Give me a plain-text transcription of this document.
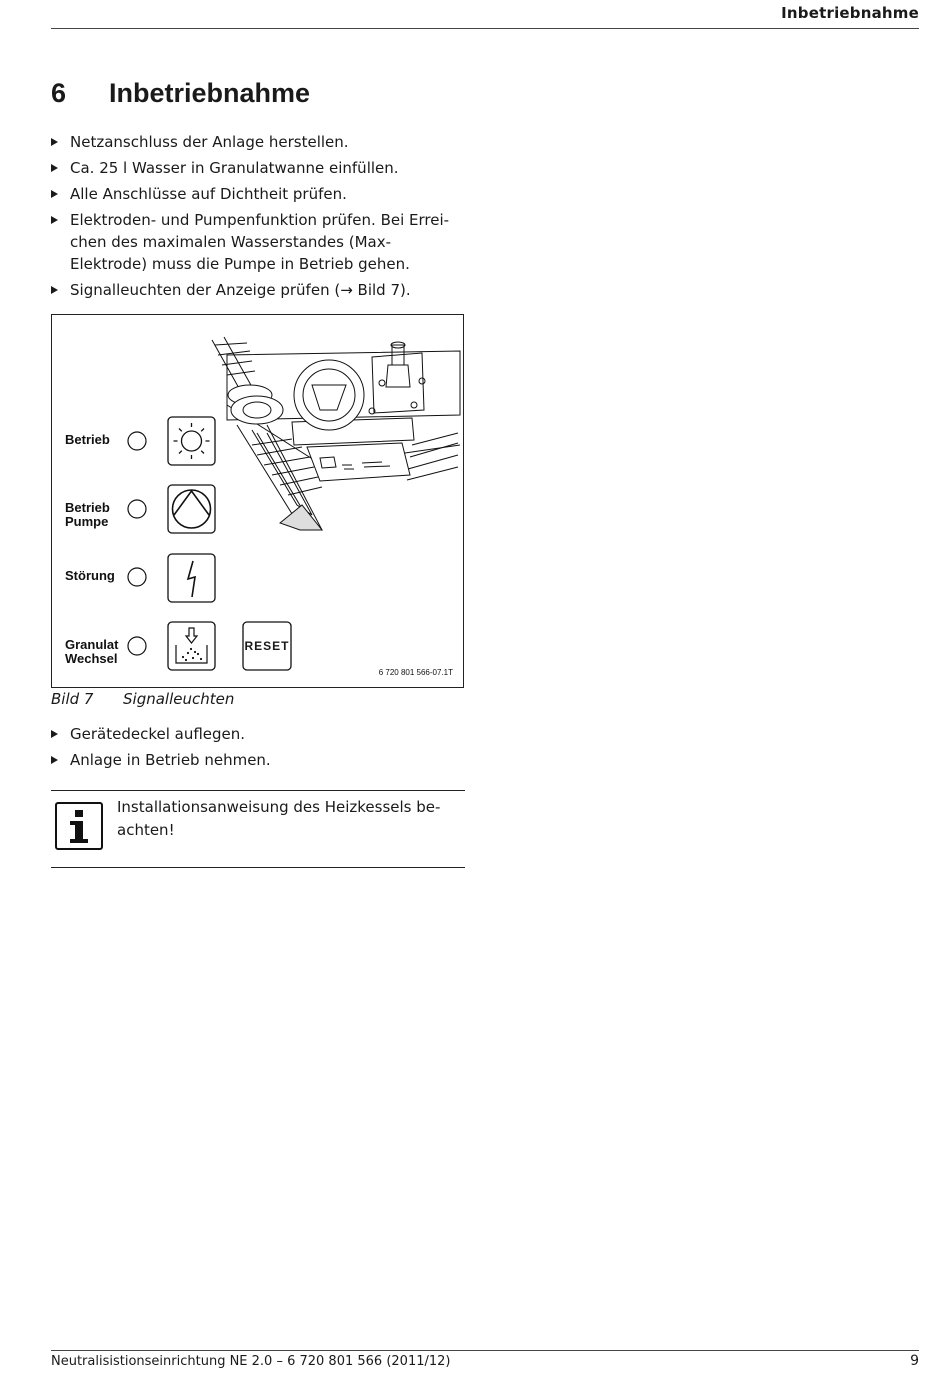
Inbetriebnahme
6 Inbetriebnahme
Netzanschluss der Anlage herstellen.
Ca. 25 l Wasser in Granulatwanne einfüllen.
Alle Anschlüsse auf Dichtheit prüfen.
Elektroden- und Pumpenfunktion prüfen. Bei Errei-chen des maximalen Wasserstandes (Max-Elektrode) muss die Pumpe in Betrieb gehen.
Signalleuchten der Anzeige prüfen (→ Bild 7).
Betrieb
Betrieb Pumpe
Störung
Granulat Wechsel
RESET
6 720 801 566-07.1T
Bild 7 Signalleuchten
Gerätedeckel auflegen.
Anlage in Betrieb nehmen.
Installationsanweisung des Heizkessels be-achten!
Neutralisistionseinrichtung NE 2.0 – 6 720 801 566 (2011/12)	9
